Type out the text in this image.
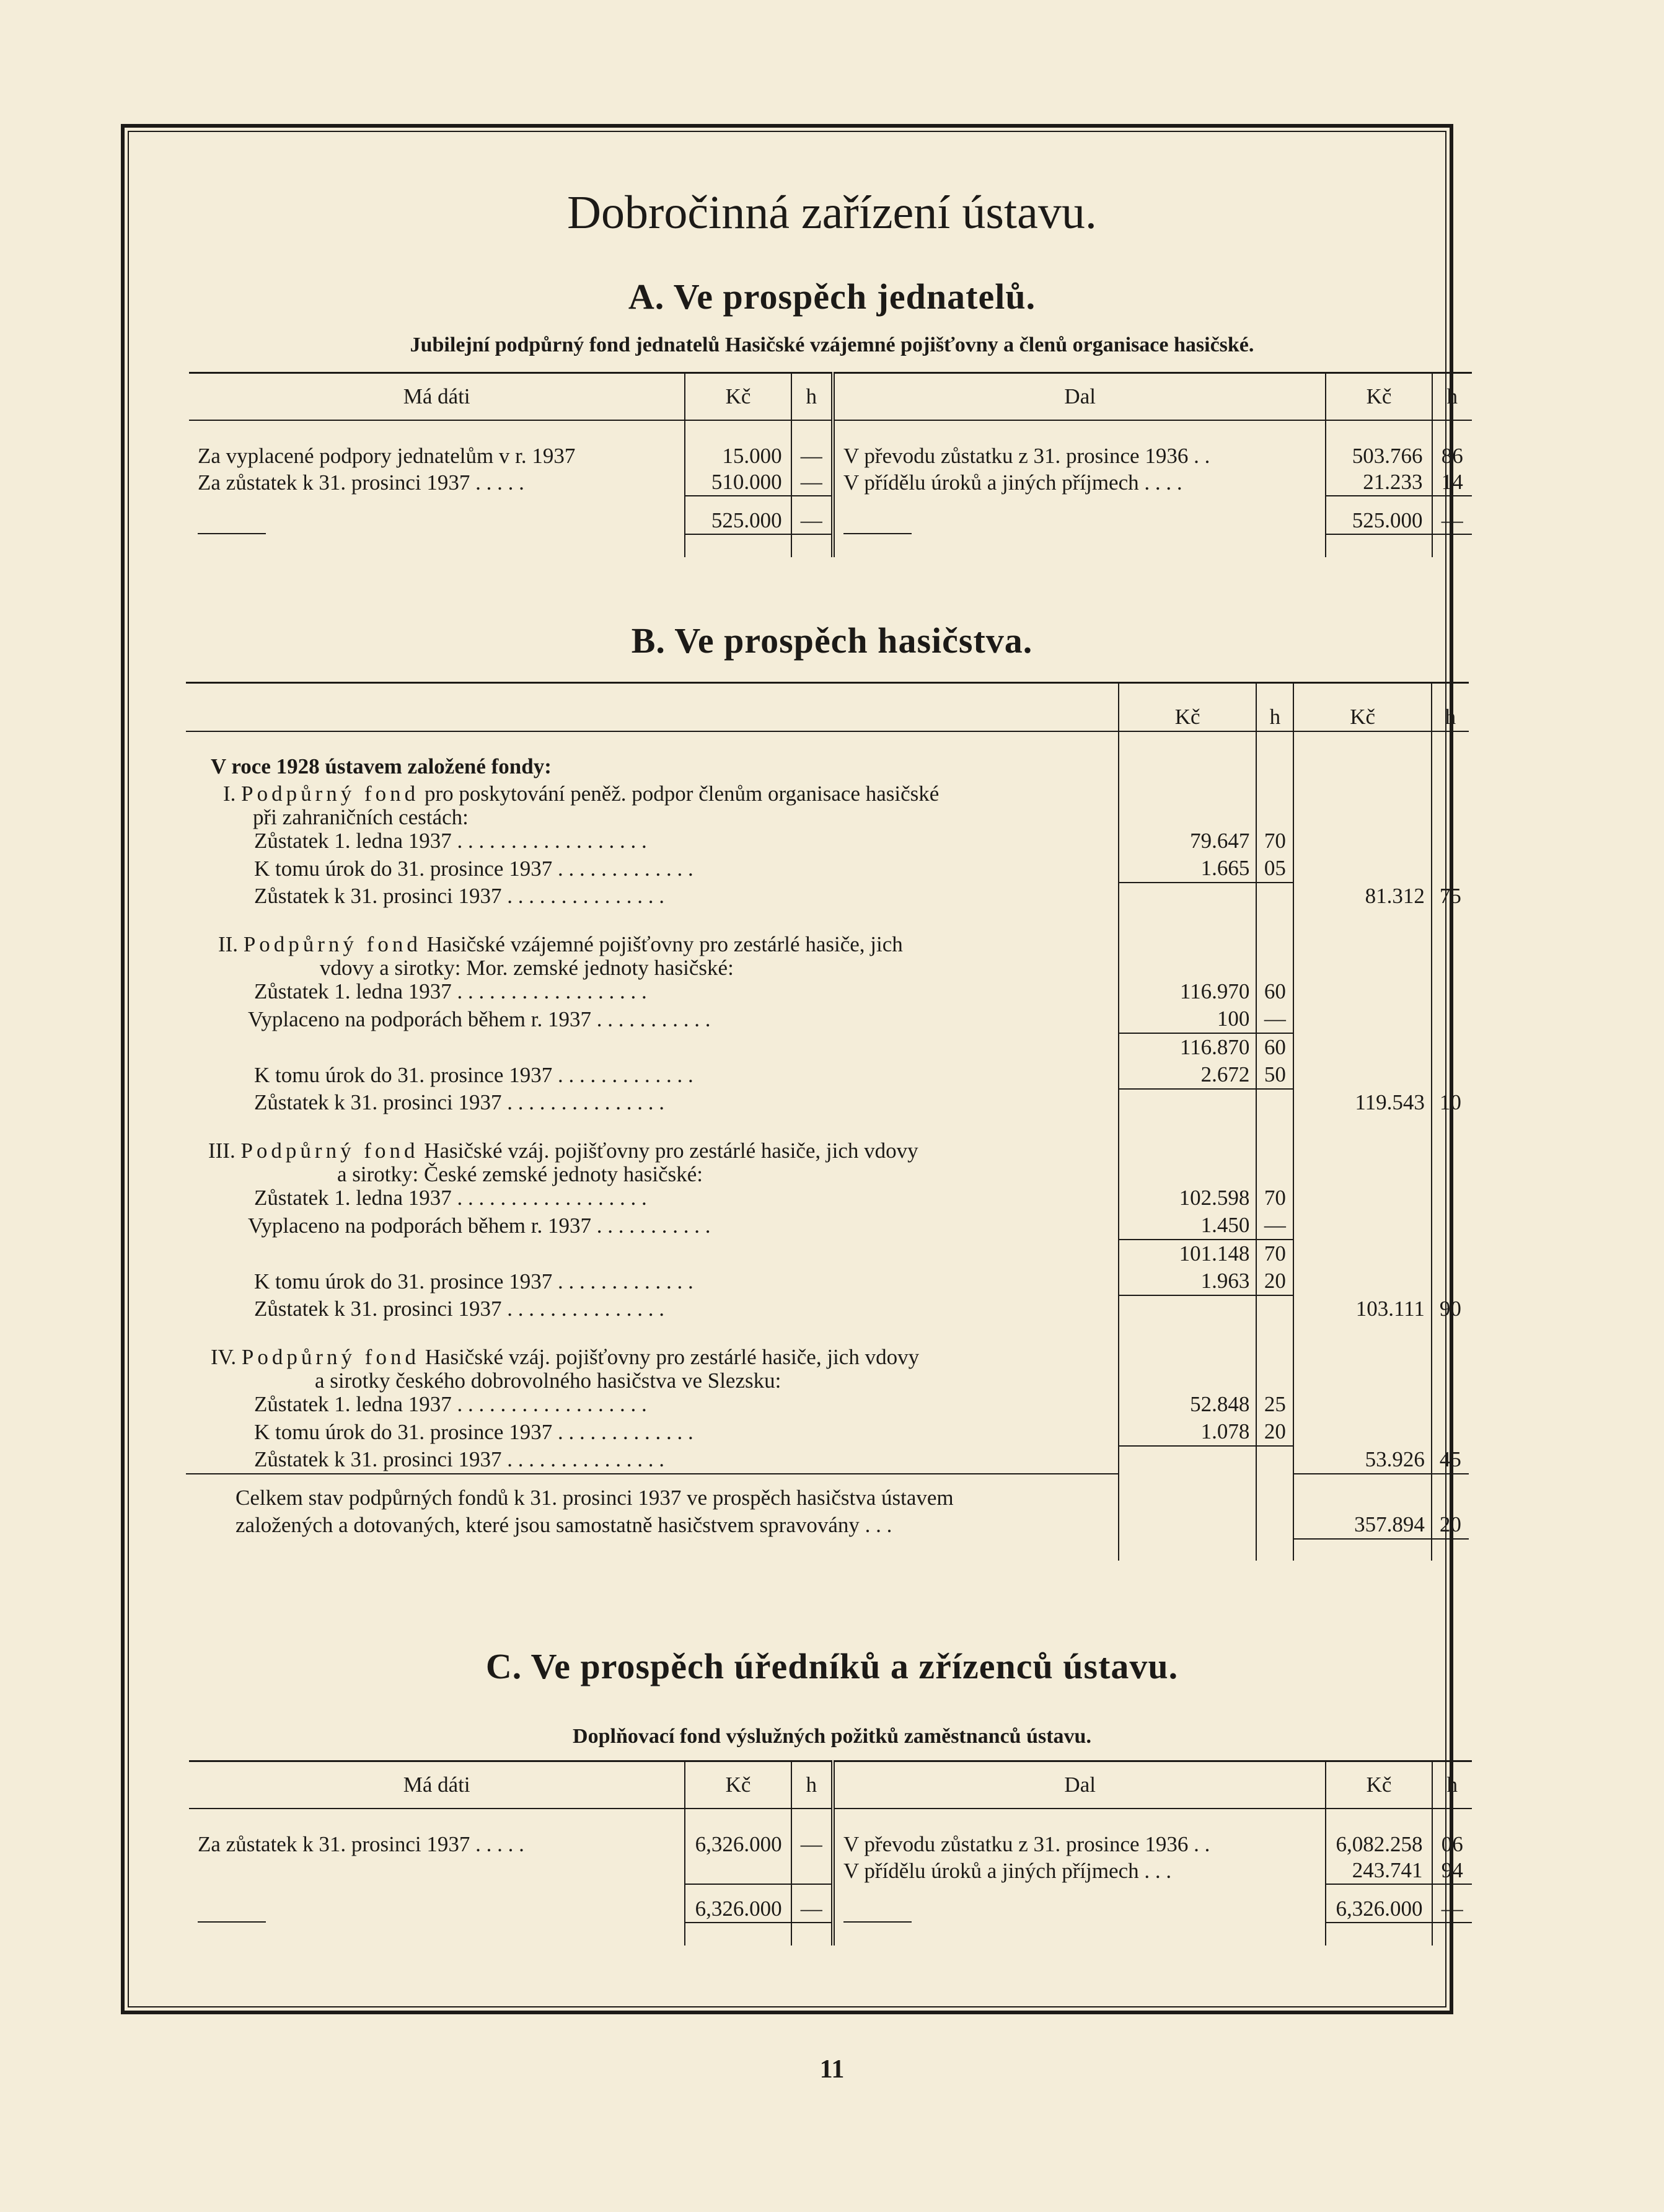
Dobročinná zařízení ústavu.
A. Ve prospěch jednatelů.
Jubilejní podpůrný fond jednatelů Hasičské vzájemné pojišťovny a členů organisace hasičské.
Má dáti	Kč	h	Dal	Kč	h

Za vyplacené podpory jednatelům v r. 1937	15.000	—	V převodu zůstatku z 31. prosince 1936 . .	503.766	86
Za zůstatek k 31. prosinci 1937 . . . . .	510.000	—	V přídělu úroků a jiných příjmech . . . .	21.233	14

	525.000	—		525.000	—

B. Ve prospěch hasičstva.
	Kč	h	Kč	h

V roce 1928 ústavem založené fondy:				
I. Podpůrný fond pro poskytování peněž. podpor členům organisace hasičské				
při zahraničních cestách:				
Zůstatek 1. ledna 1937 . . . . . . . . . . . . . . . . . .	79.647	70		
K tomu úrok do 31. prosince 1937 . . . . . . . . . . . . .	1.665	05		
Zůstatek k 31. prosinci 1937 . . . . . . . . . . . . . . .			81.312	75

II. Podpůrný fond Hasičské vzájemné pojišťovny pro zestárlé hasiče, jich				
vdovy a sirotky: Mor. zemské jednoty hasičské:				
Zůstatek 1. ledna 1937 . . . . . . . . . . . . . . . . . .	116.970	60		
Vyplaceno na podporách během r. 1937 . . . . . . . . . . .	100	—		
	116.870	60		
K tomu úrok do 31. prosince 1937 . . . . . . . . . . . . .	2.672	50		
Zůstatek k 31. prosinci 1937 . . . . . . . . . . . . . . .			119.543	10

III. Podpůrný fond Hasičské vzáj. pojišťovny pro zestárlé hasiče, jich vdovy				
a sirotky: České zemské jednoty hasičské:				
Zůstatek 1. ledna 1937 . . . . . . . . . . . . . . . . . .	102.598	70		
Vyplaceno na podporách během r. 1937 . . . . . . . . . . .	1.450	—		
	101.148	70		
K tomu úrok do 31. prosince 1937 . . . . . . . . . . . . .	1.963	20		
Zůstatek k 31. prosinci 1937 . . . . . . . . . . . . . . .			103.111	90

IV. Podpůrný fond Hasičské vzáj. pojišťovny pro zestárlé hasiče, jich vdovy				
a sirotky českého dobrovolného hasičstva ve Slezsku:				
Zůstatek 1. ledna 1937 . . . . . . . . . . . . . . . . . .	52.848	25		
K tomu úrok do 31. prosince 1937 . . . . . . . . . . . . .	1.078	20		
Zůstatek k 31. prosinci 1937 . . . . . . . . . . . . . . .			53.926	45

Celkem stav podpůrných fondů k 31. prosinci 1937 ve prospěch hasičstva ústavem
založených a dotovaných, které jsou samostatně hasičstvem spravovány . . .			357.894	20

C. Ve prospěch úředníků a zřízenců ústavu.
Doplňovací fond výslužných požitků zaměstnanců ústavu.
Má dáti	Kč	h	Dal	Kč	h

Za zůstatek k 31. prosinci 1937 . . . . .	6,326.000	—	V převodu zůstatku z 31. prosince 1936 . .	6,082.258	06
			V přídělu úroků a jiných příjmech . . .	243.741	94

	6,326.000	—		6,326.000	—

11
